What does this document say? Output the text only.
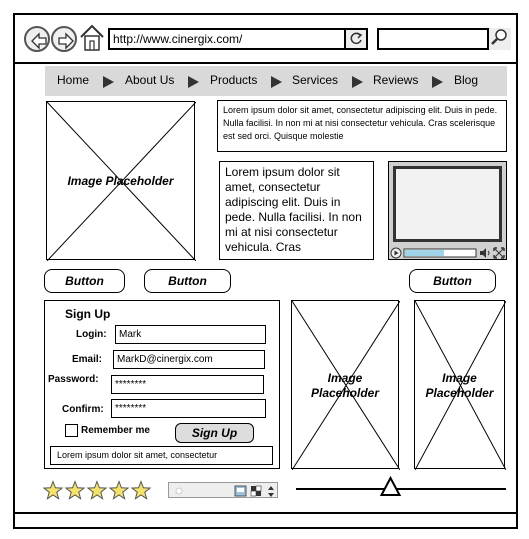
http://www.cinergix.com/
Home	About Us	Products	Services	Reviews	Blog
Image Placeholder
Lorem ipsum dolor sit amet, consectetur adipiscing elit. Duis in pede. Nulla facilisi. In non mi at nisi consectetur vehicula. Cras scelerisque est sed orci. Quisque molestie
Lorem ipsum dolor sit amet, consectetur adipiscing elit. Duis in pede. Nulla facilisi. In non mi at nisi consectetur vehicula. Cras
Button	Button	Button
Sign Up
Login:	Mark
Email:	MarkD@cinergix.com
Password:	********
Confirm:	********
Remember me	Sign Up
Lorem ipsum dolor sit amet, consectetur
Image
Placeholder
Image
Placeholder
